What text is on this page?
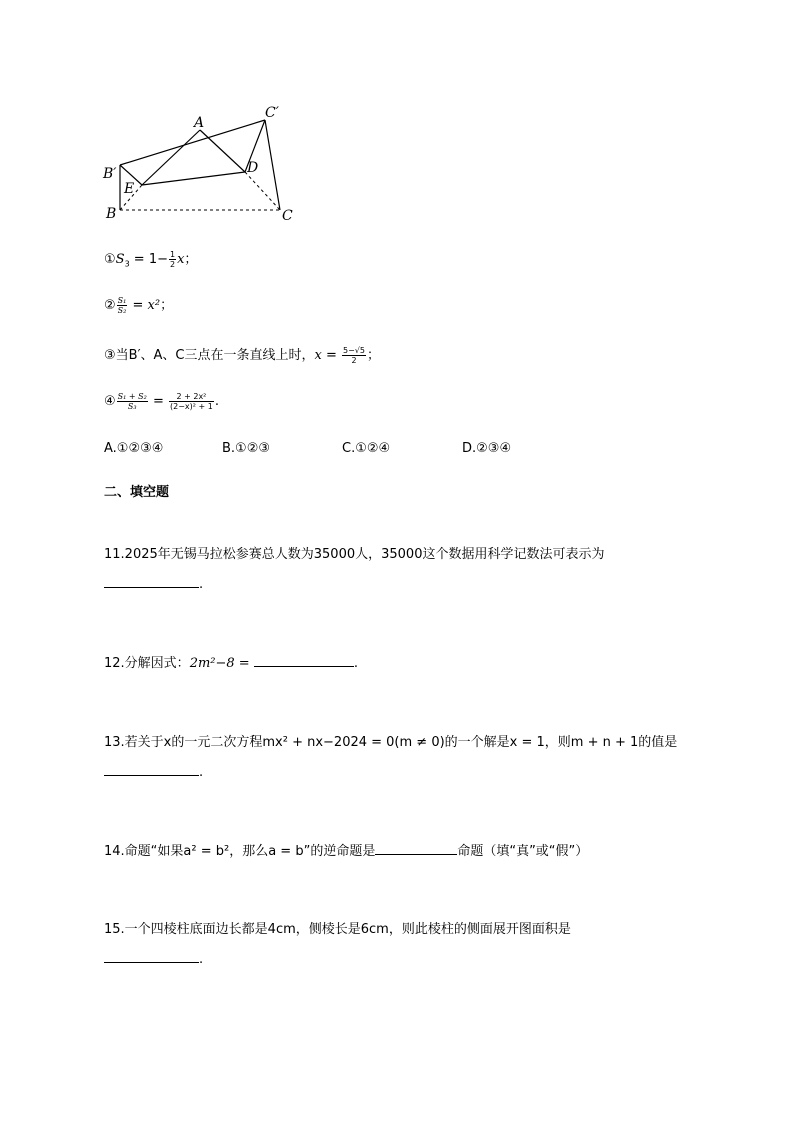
A
C′
B′
E
D
B	C
$①S_3 = 1- \frac{1}{2}$ x；
② $\frac{\text{S₁}}{\text{S₂}} = x^2$；
③当B′、A、C三点在一条直线上时，$x = \frac{5-√5}{2}$ ；
④ $\frac{\text{S₁ + S₂}}{\text{S₃}} = \frac{\text{2 + 2x²}}{\text{(2−x)² + 1}}$ .
A.①②③④	B.①②③	C.①②④	D.②③④
二、填空题
11.2025年无锡马拉松参赛总人数为35000人，35000这个数据用科学记数法可表示为
.
12.分解因式：2m²−8 =	.
13.若关于x的一元二次方程mx² + nx−2024 = 0(m ≠ 0)的一个解是x = 1，则m + n + 1的值是
.
14.命题“如果a² = b²，那么a = b”的逆命题是	命题（填“真”或“假”）
15.一个四棱柱底面边长都是4cm，侧棱长是6cm，则此棱柱的侧面展开图面积是
.
